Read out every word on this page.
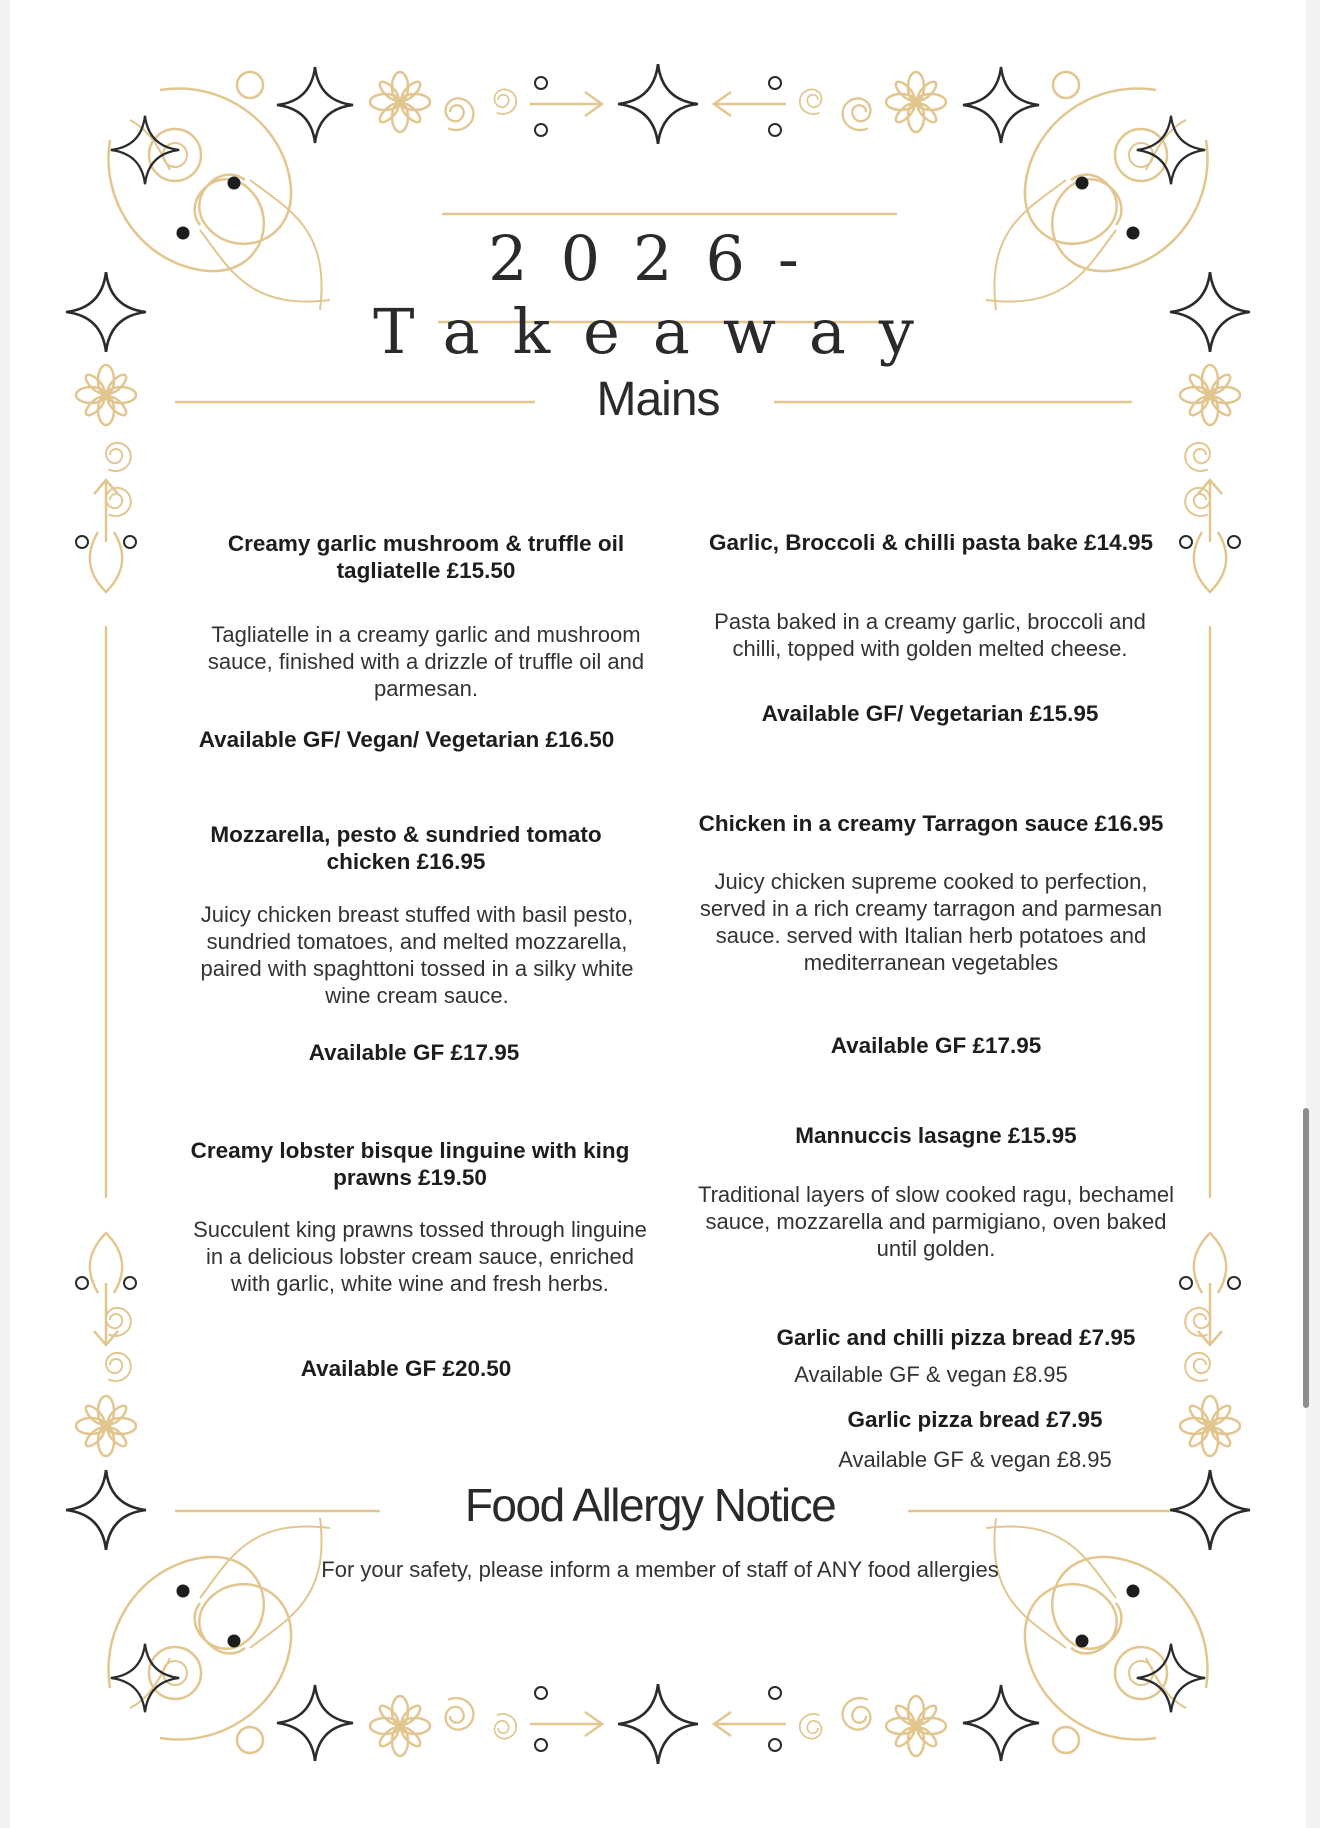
2026- Takeaway
Mains
Creamy garlic mushroom & truffle oil tagliatelle £15.50
Tagliatelle in a creamy garlic and mushroom sauce, finished with a drizzle of truffle oil and parmesan.
Available GF/ Vegan/ Vegetarian £16.50
Mozzarella, pesto & sundried tomato chicken £16.95
Juicy chicken breast stuffed with basil pesto, sundried tomatoes, and melted mozzarella, paired with spaghttoni tossed in a silky white wine cream sauce.
Available GF £17.95
Creamy lobster bisque linguine with king prawns £19.50
Succulent king prawns tossed through linguine in a delicious lobster cream sauce, enriched with garlic, white wine and fresh herbs.
Available GF £20.50
Garlic, Broccoli & chilli pasta bake £14.95
Pasta baked in a creamy garlic, broccoli and chilli, topped with golden melted cheese.
Available GF/ Vegetarian £15.95
Chicken in a creamy Tarragon sauce £16.95
Juicy chicken supreme cooked to perfection, served in a rich creamy tarragon and parmesan sauce. served with Italian herb potatoes and mediterranean vegetables
Available GF £17.95
Mannuccis lasagne £15.95
Traditional layers of slow cooked ragu, bechamel sauce, mozzarella and parmigiano, oven baked until golden.
Garlic and chilli pizza bread £7.95
Available GF & vegan £8.95
Garlic pizza bread £7.95
Available GF & vegan £8.95
Food Allergy Notice
For your safety, please inform a member of staff of ANY food allergies
